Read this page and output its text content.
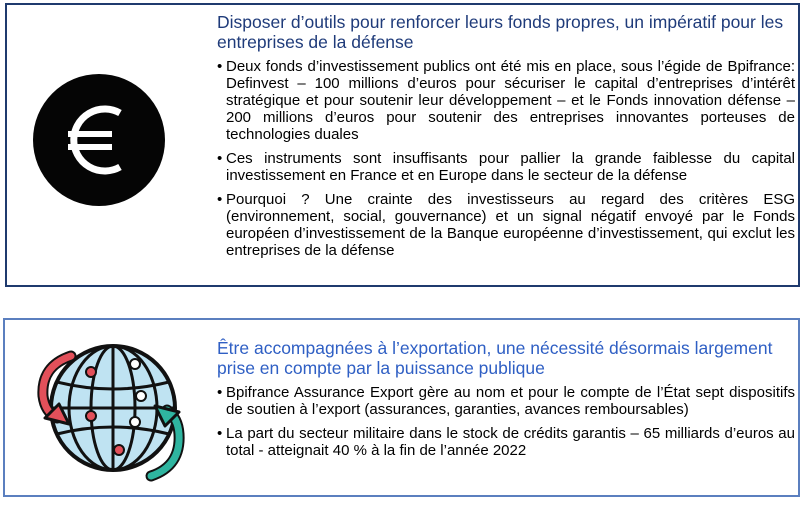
Disposer d’outils pour renforcer leurs fonds propres, un impératif pour les entreprises de la défense
• Deux fonds d’investissement publics ont été mis en place, sous l’égide de Bpifrance: Definvest – 100 millions d’euros pour sécuriser le capital d’entreprises d’intérêt stratégique et pour soutenir leur développement – et le Fonds innovation défense – 200 millions d’euros pour soutenir des entreprises innovantes porteuses de technologies duales
• Ces instruments sont insuffisants pour pallier la grande faiblesse du capital investissement en France et en Europe dans le secteur de la défense
• Pourquoi ? Une crainte des investisseurs au regard des critères ESG (environnement, social, gouvernance) et un signal négatif envoyé par le Fonds européen d’investissement de la Banque européenne d’investissement, qui exclut les entreprises de la défense
Être accompagnées à l’exportation, une nécessité désormais largement prise en compte par la puissance publique
• Bpifrance Assurance Export gère au nom et pour le compte de l’État sept dispositifs de soutien à l’export (assurances, garanties, avances remboursables)
• La part du secteur militaire dans le stock de crédits garantis – 65 milliards d’euros au total - atteignait 40 % à la fin de l’année 2022
